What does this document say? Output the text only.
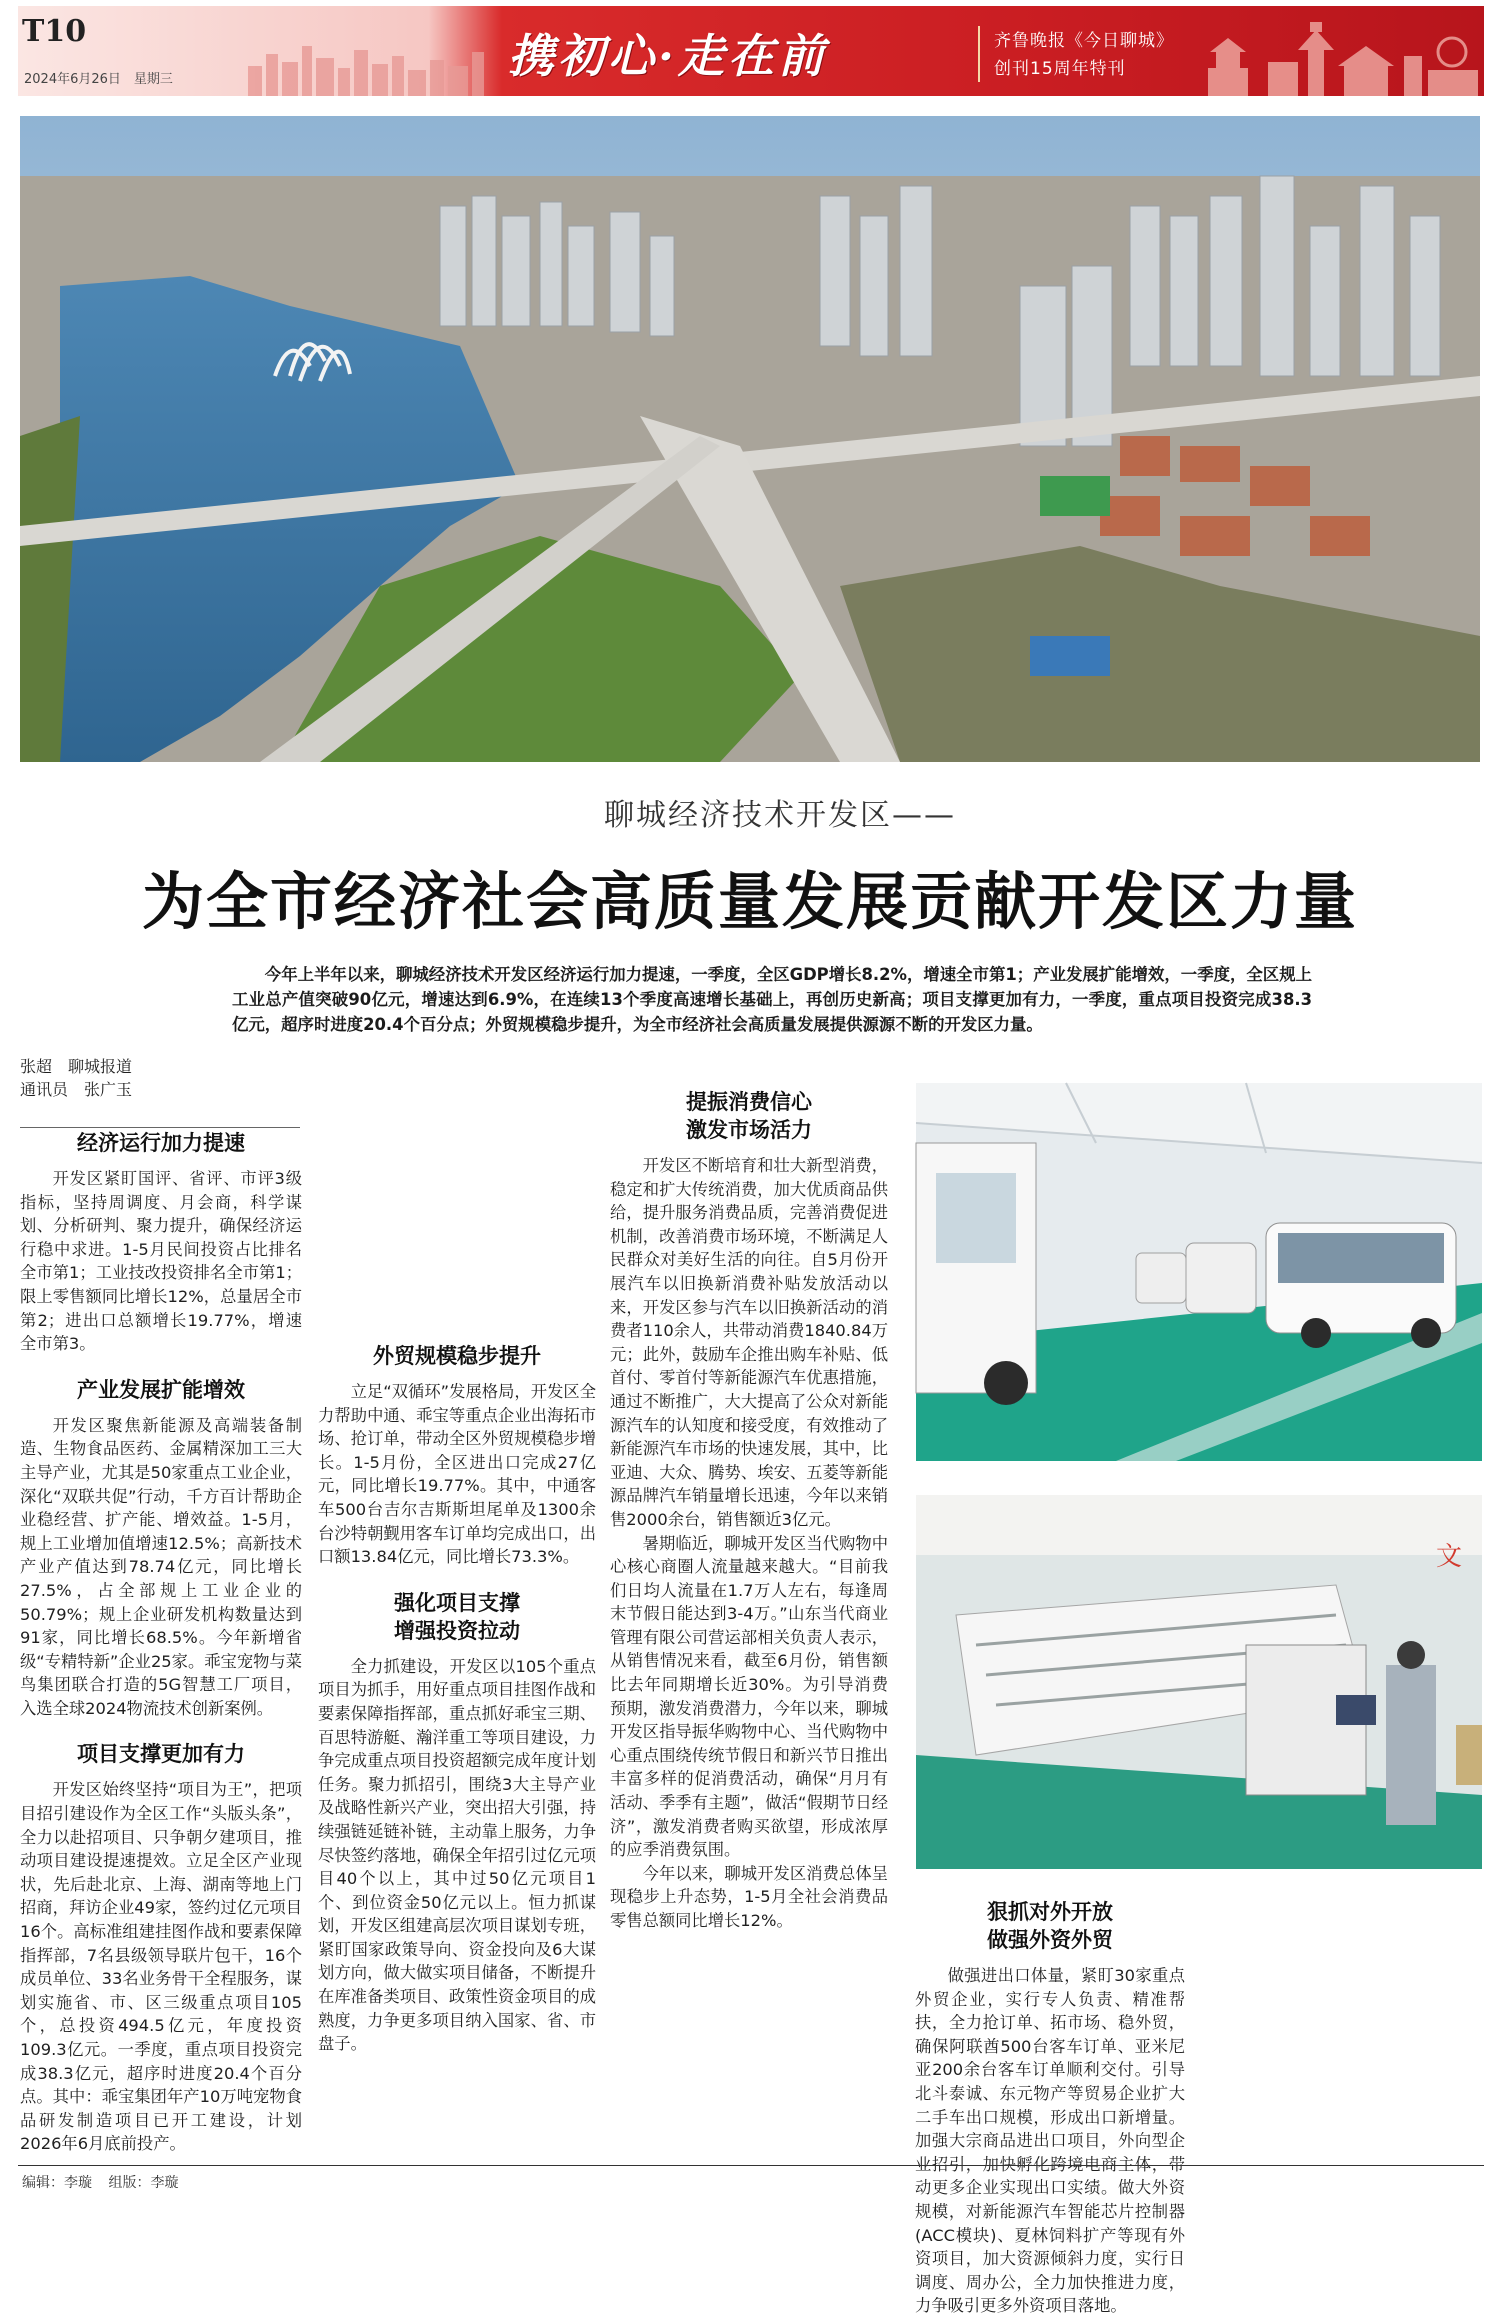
T10
2024年6月26日　星期三	携初心·走在前	齐鲁晚报《今日聊城》
创刊15周年特刊
聊城经济技术开发区——
为全市经济社会高质量发展贡献开发区力量
今年上半年以来，聊城经济技术开发区经济运行加力提速，一季度，全区GDP增长8.2%，增速全市第1；产业发展扩能增效，一季度，全区规上工业总产值突破90亿元，增速达到6.9%，在连续13个季度高速增长基础上，再创历史新高；项目支撑更加有力，一季度，重点项目投资完成38.3亿元，超序时进度20.4个百分点；外贸规模稳步提升，为全市经济社会高质量发展提供源源不断的开发区力量。

张超　聊城报道

通讯员　张广玉

经济运行加力提速

开发区紧盯国评、省评、市评3级指标，坚持周调度、月会商，科学谋划、分析研判、聚力提升，确保经济运行稳中求进。1-5月民间投资占比排名全市第1；工业技改投资排名全市第1；限上零售额同比增长12%，总量居全市第2；进出口总额增长19.77%，增速全市第3。

产业发展扩能增效

开发区聚焦新能源及高端装备制造、生物食品医药、金属精深加工三大主导产业，尤其是50家重点工业企业，深化“双联共促”行动，千方百计帮助企业稳经营、扩产能、增效益。1-5月，规上工业增加值增速12.5%；高新技术产业产值达到78.74亿元，同比增长27.5%，占全部规上工业企业的50.79%；规上企业研发机构数量达到91家，同比增长68.5%。今年新增省级“专精特新”企业25家。乖宝宠物与菜鸟集团联合打造的5G智慧工厂项目，入选全球2024物流技术创新案例。

项目支撑更加有力

开发区始终坚持“项目为王”，把项目招引建设作为全区工作“头版头条”，全力以赴招项目、只争朝夕建项目，推动项目建设提速提效。立足全区产业现状，先后赴北京、上海、湖南等地上门招商，拜访企业49家，签约过亿元项目16个。高标准组建挂图作战和要素保障指挥部，7名县级领导联片包干，16个成员单位、33名业务骨干全程服务，谋划实施省、市、区三级重点项目105个，总投资494.5亿元，年度投资109.3亿元。一季度，重点项目投资完成38.3亿元，超序时进度20.4个百分点。其中：乖宝集团年产10万吨宠物食品研发制造项目已开工建设，计划2026年6月底前投产。

外贸规模稳步提升

立足“双循环”发展格局，开发区全力帮助中通、乖宝等重点企业出海拓市场、抢订单，带动全区外贸规模稳步增长。1-5月份，全区进出口完成27亿元，同比增长19.77%。其中，中通客车500台吉尔吉斯斯坦尾单及1300余台沙特朝觐用客车订单均完成出口，出口额13.84亿元，同比增长73.3%。

强化项目支撑

增强投资拉动

全力抓建设，开发区以105个重点项目为抓手，用好重点项目挂图作战和要素保障指挥部，重点抓好乖宝三期、百思特游艇、瀚洋重工等项目建设，力争完成重点项目投资超额完成年度计划任务。聚力抓招引，围绕3大主导产业及战略性新兴产业，突出招大引强，持续强链延链补链，主动靠上服务，力争尽快签约落地，确保全年招引过亿元项目40个以上，其中过50亿元项目1个、到位资金50亿元以上。恒力抓谋划，开发区组建高层次项目谋划专班，紧盯国家政策导向、资金投向及6大谋划方向，做大做实项目储备，不断提升在库准备类项目、政策性资金项目的成熟度，力争更多项目纳入国家、省、市盘子。

提振消费信心

激发市场活力

开发区不断培育和壮大新型消费，稳定和扩大传统消费，加大优质商品供给，提升服务消费品质，完善消费促进机制，改善消费市场环境，不断满足人民群众对美好生活的向往。自5月份开展汽车以旧换新消费补贴发放活动以来，开发区参与汽车以旧换新活动的消费者110余人，共带动消费1840.84万元；此外，鼓励车企推出购车补贴、低首付、零首付等新能源汽车优惠措施，通过不断推广，大大提高了公众对新能源汽车的认知度和接受度，有效推动了新能源汽车市场的快速发展，其中，比亚迪、大众、腾势、埃安、五菱等新能源品牌汽车销量增长迅速，今年以来销售2000余台，销售额近3亿元。

暑期临近，聊城开发区当代购物中心核心商圈人流量越来越大。“目前我们日均人流量在1.7万人左右，每逢周末节假日能达到3-4万。”山东当代商业管理有限公司营运部相关负责人表示，从销售情况来看，截至6月份，销售额比去年同期增长近30%。为引导消费预期，激发消费潜力，今年以来，聊城开发区指导振华购物中心、当代购物中心重点围绕传统节假日和新兴节日推出丰富多样的促消费活动，确保“月月有活动、季季有主题”，做活“假期节日经济”，激发消费者购买欲望，形成浓厚的应季消费氛围。

今年以来，聊城开发区消费总体呈现稳步上升态势，1-5月全社会消费品零售总额同比增长12%。

文

狠抓对外开放

做强外资外贸

做强进出口体量，紧盯30家重点外贸企业，实行专人负责、精准帮扶，全力抢订单、拓市场、稳外贸，确保阿联酋500台客车订单、亚米尼亚200余台客车订单顺利交付。引导北斗泰诚、东元物产等贸易企业扩大二手车出口规模，形成出口新增量。加强大宗商品进出口项目，外向型企业招引，加快孵化跨境电商主体，带动更多企业实现出口实绩。做大外资规模，对新能源汽车智能芯片控制器(ACC模块)、夏林饲料扩产等现有外资项目，加大资源倾斜力度，实行日调度、周办公，全力加快推进力度，力争吸引更多外资项目落地。

编辑：李璇 组版：李璇
